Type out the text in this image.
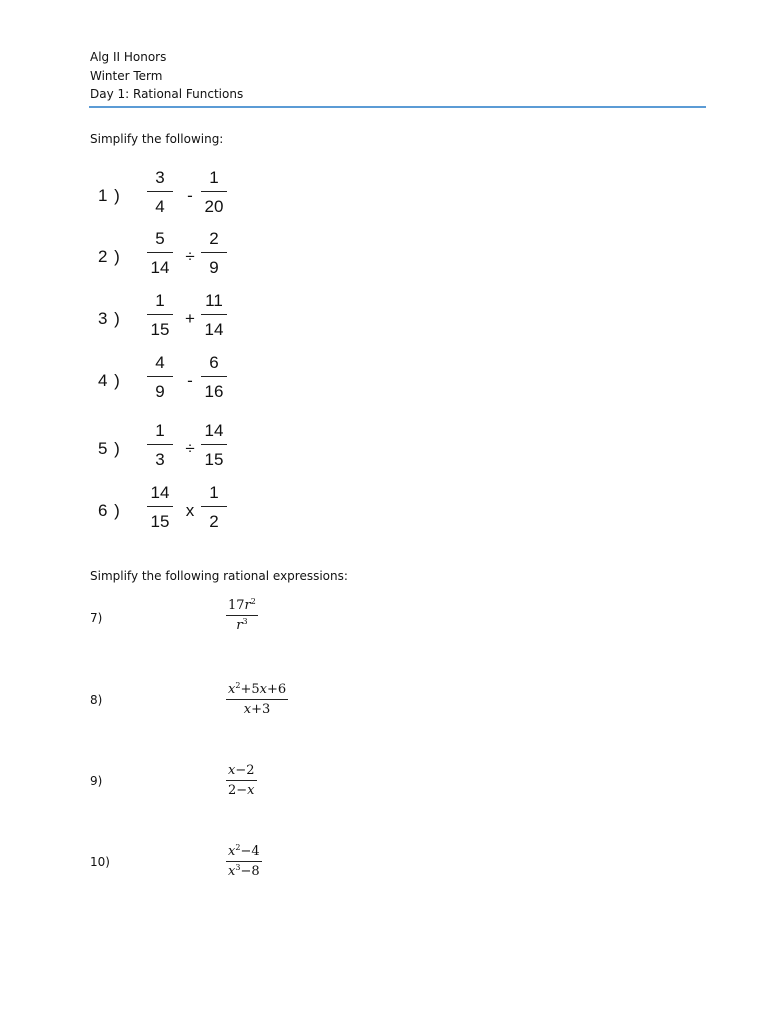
Alg II Honors
Winter Term
Day 1: Rational Functions
Simplify the following:
1 )
3
4
-
1
20
2 )
5
14
÷
2
9
3 )
1
15
+
11
14
4 )
4
9
-
6
16
5 )
1
3
÷
14
15
6 )
14
15
x
1
2
Simplify the following rational expressions:
7)
$17r^2$
$r^3$
8)
$x^2+5x+6$
x+3
9)
x−2
2−x
10)
$x^2-4$
$x^3-8$
